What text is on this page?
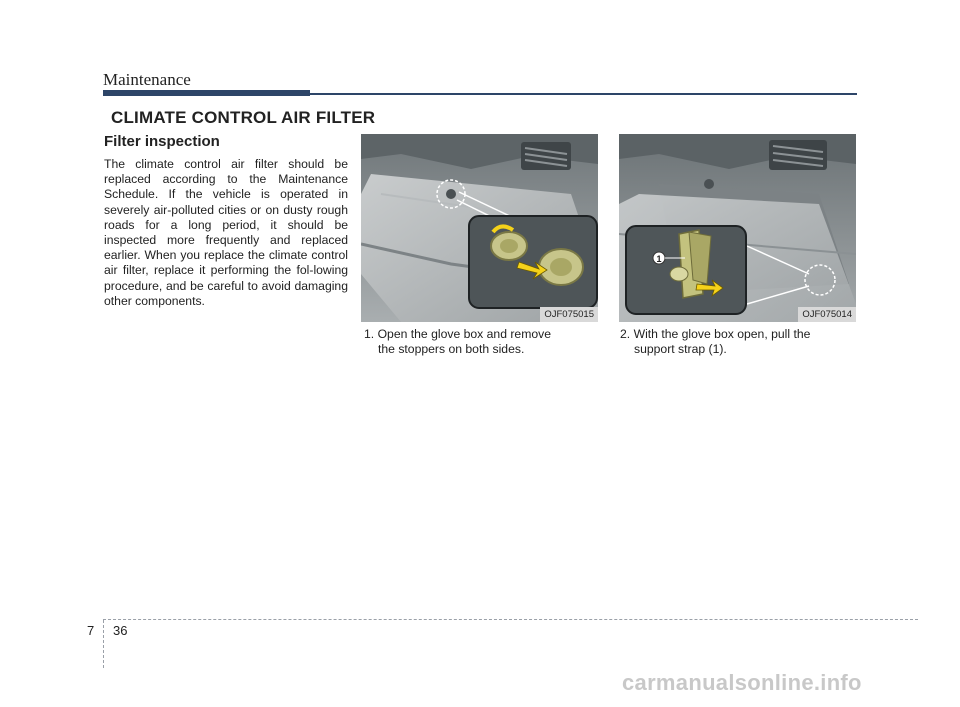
Maintenance
CLIMATE CONTROL AIR FILTER
Filter inspection
The climate control air filter should be replaced according to the Maintenance Schedule. If the vehicle is operated in severely air-polluted cities or on dusty rough roads for a long period, it should be inspected more frequently and replaced earlier. When you replace the climate control air filter, replace it performing the fol-lowing procedure, and be careful to avoid damaging other components.
OJF075015
1
OJF075014
1. Open the glove box and remove
the stoppers on both sides.
2. With the glove box open, pull the
support strap (1).
7 36
carmanualsonline.info
